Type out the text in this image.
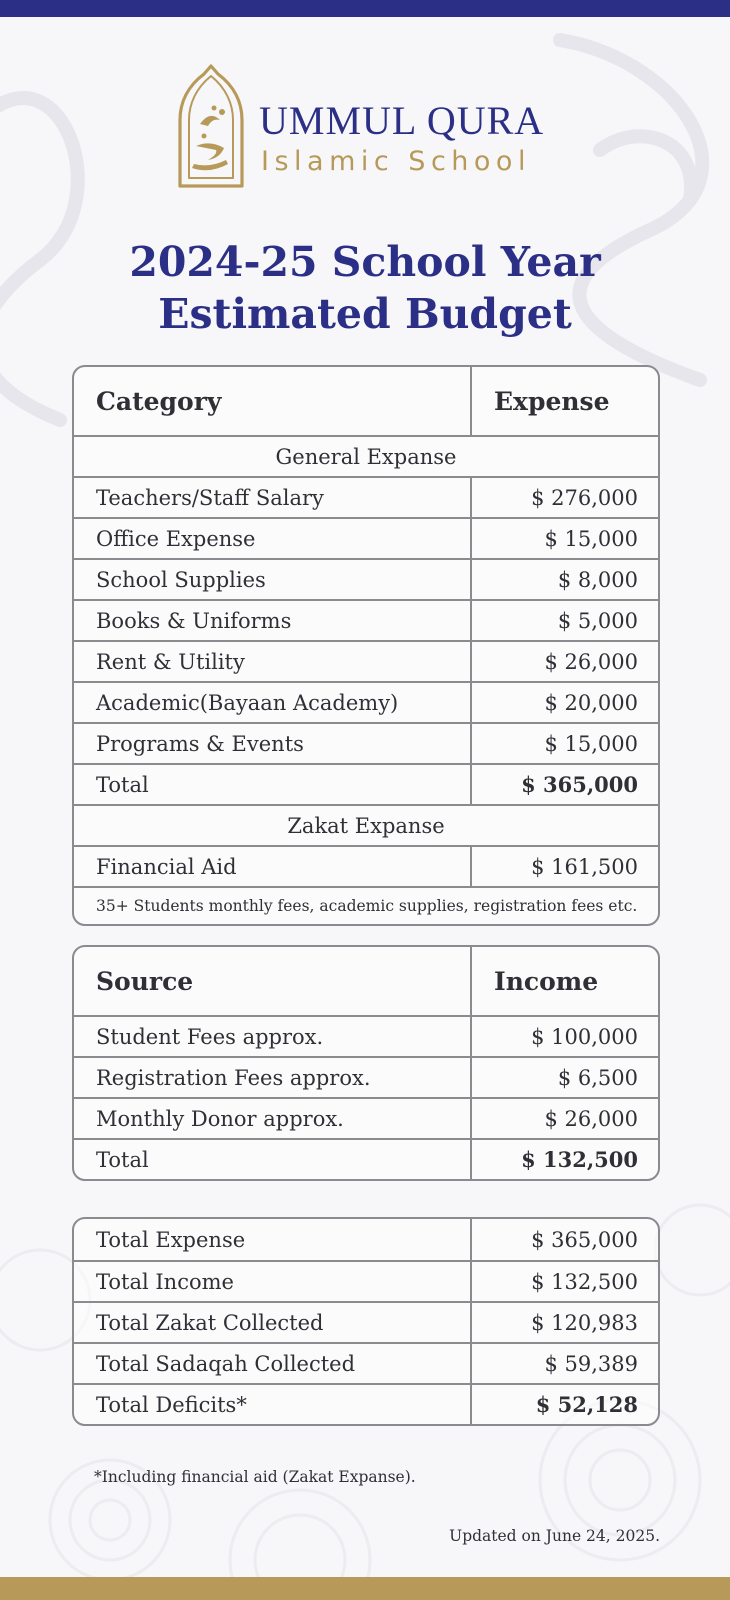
UMMUL QURA

Islamic School

2024-25 School Year
Estimated Budget
Category	Expense
General Expanse
Teachers/Staff Salary	$ 276,000
Office Expense	$ 15,000
School Supplies	$ 8,000
Books & Uniforms	$ 5,000
Rent & Utility	$ 26,000
Academic(Bayaan Academy)	$ 20,000
Programs & Events	$ 15,000
Total	$ 365,000
Zakat Expanse
Financial Aid	$ 161,500
35+ Students monthly fees, academic supplies, registration fees etc.
Source	Income
Student Fees approx.	$ 100,000
Registration Fees approx.	$ 6,500
Monthly Donor approx.	$ 26,000
Total	$ 132,500
Total Expense	$ 365,000
Total Income	$ 132,500
Total Zakat Collected	$ 120,983
Total Sadaqah Collected	$ 59,389
Total Deficits*	$ 52,128

*Including financial aid (Zakat Expanse).

Updated on June 24, 2025.
